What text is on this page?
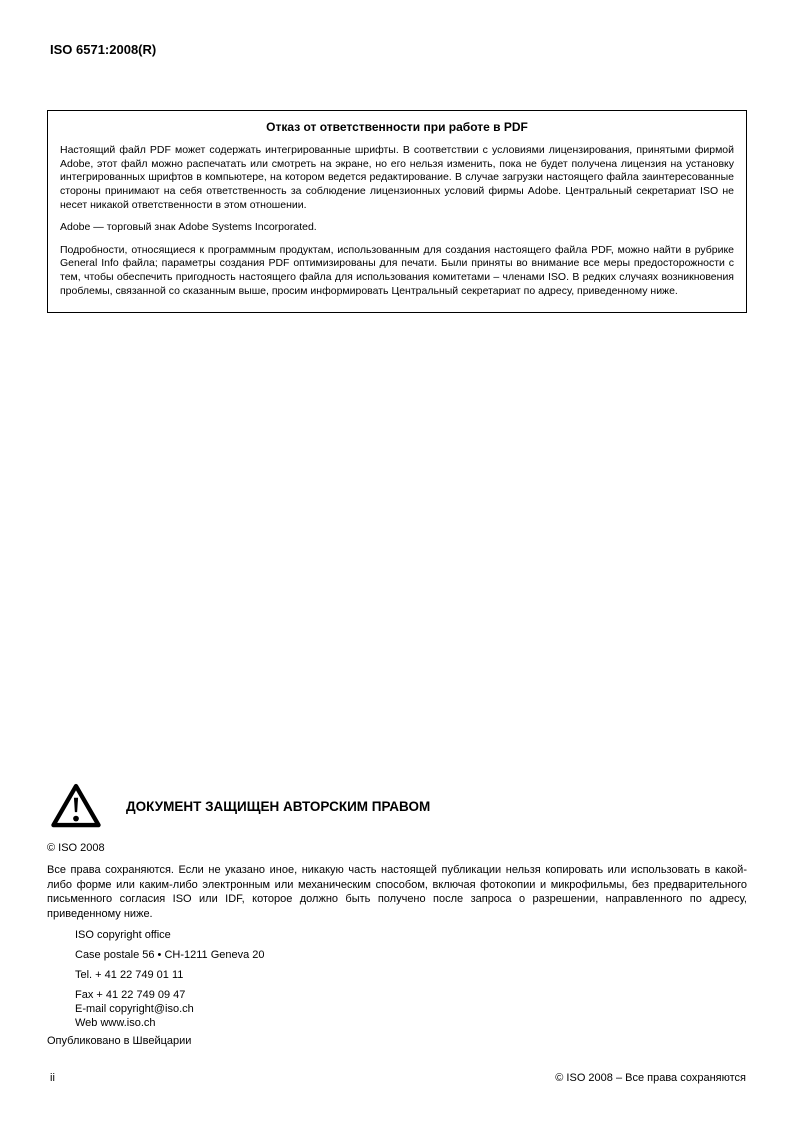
ISO 6571:2008(R)
Отказ от ответственности при работе в PDF

Настоящий файл PDF может содержать интегрированные шрифты. В соответствии с условиями лицензирования, принятыми фирмой Adobe, этот файл можно распечатать или смотреть на экране, но его нельзя изменить, пока не будет получена лицензия на установку интегрированных шрифтов в компьютере, на котором ведется редактирование. В случае загрузки настоящего файла заинтересованные стороны принимают на себя ответственность за соблюдение лицензионных условий фирмы Adobe. Центральный секретариат ISO не несет никакой ответственности в этом отношении.

Adobe — торговый знак Adobe Systems Incorporated.

Подробности, относящиеся к программным продуктам, использованным для создания настоящего файла PDF, можно найти в рубрике General Info файла; параметры создания PDF оптимизированы для печати. Были приняты во внимание все меры предосторожности с тем, чтобы обеспечить пригодность настоящего файла для использования комитетами – членами ISO. В редких случаях возникновения проблемы, связанной со сказанным выше, просим информировать Центральный секретариат по адресу, приведенному ниже.

ДОКУМЕНТ ЗАЩИЩЕН АВТОРСКИМ ПРАВОМ
© ISO 2008

Все права сохраняются. Если не указано иное, никакую часть настоящей публикации нельзя копировать или использовать в какой-либо форме или каким-либо электронным или механическим способом, включая фотокопии и микрофильмы, без предварительного письменного согласия ISO или IDF, которое должно быть получено после запроса о разрешении, направленного по адресу, приведенному ниже.

ISO copyright office
Case postale 56 • CH-1211 Geneva 20
Tel. + 41 22 749 01 11
Fax + 41 22 749 09 47
E-mail copyright@iso.ch
Web www.iso.ch
Опубликовано в Швейцарии
ii	© ISO 2008 – Все права сохраняются
